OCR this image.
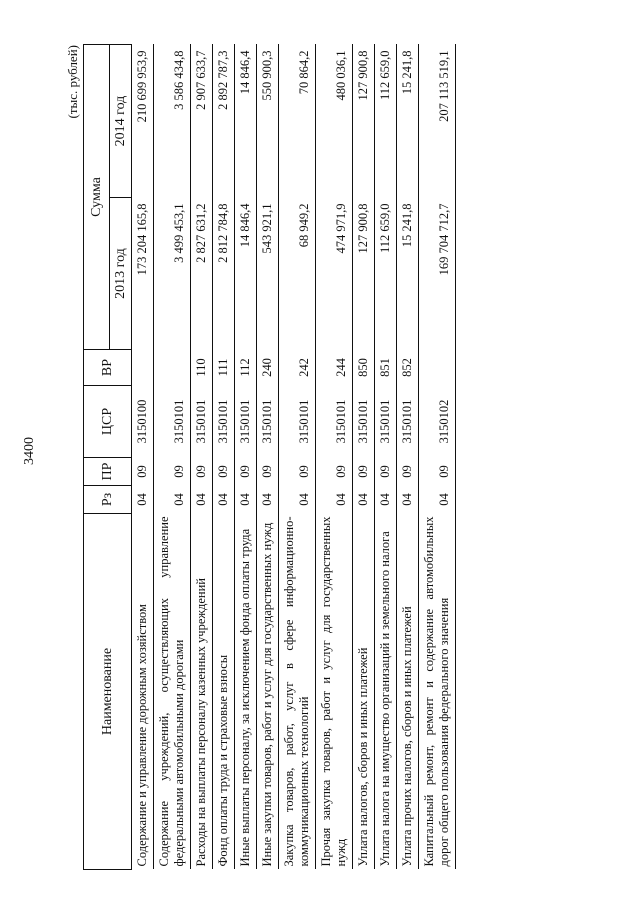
3400
(тыс. рублей)
Наименование	Рз	ПР	ЦСР	ВР	Сумма	
					2013 год	2014 год
Содержание и управление дорожным хозяйством	04	09	3150100		173 204 165,8	210 699 953,9
Содержание учреждений, осуществляющих управление федеральными автомобильными дорогами	04	09	3150101		3 499 453,1	3 586 434,8
Расходы на выплаты персоналу казенных учреждений	04	09	3150101	110	2 827 631,2	2 907 633,7
Фонд оплаты труда и страховые взносы	04	09	3150101	111	2 812 784,8	2 892 787,3
Иные выплаты персоналу, за исключением фонда оплаты труда	04	09	3150101	112	14 846,4	14 846,4
Иные закупки товаров, работ и услуг для государственных нужд	04	09	3150101	240	543 921,1	550 900,3
Закупка товаров, работ, услуг в сфере информационно-коммуникационных технологий	04	09	3150101	242	68 949,2	70 864,2
Прочая закупка товаров, работ и услуг для государственных нужд	04	09	3150101	244	474 971,9	480 036,1
Уплата налогов, сборов и иных платежей	04	09	3150101	850	127 900,8	127 900,8
Уплата налога на имущество организаций и земельного налога	04	09	3150101	851	112 659,0	112 659,0
Уплата прочих налогов, сборов и иных платежей	04	09	3150101	852	15 241,8	15 241,8
Капитальный ремонт, ремонт и содержание автомобильных дорог общего пользования федерального значения	04	09	3150102		169 704 712,7	207 113 519,1
